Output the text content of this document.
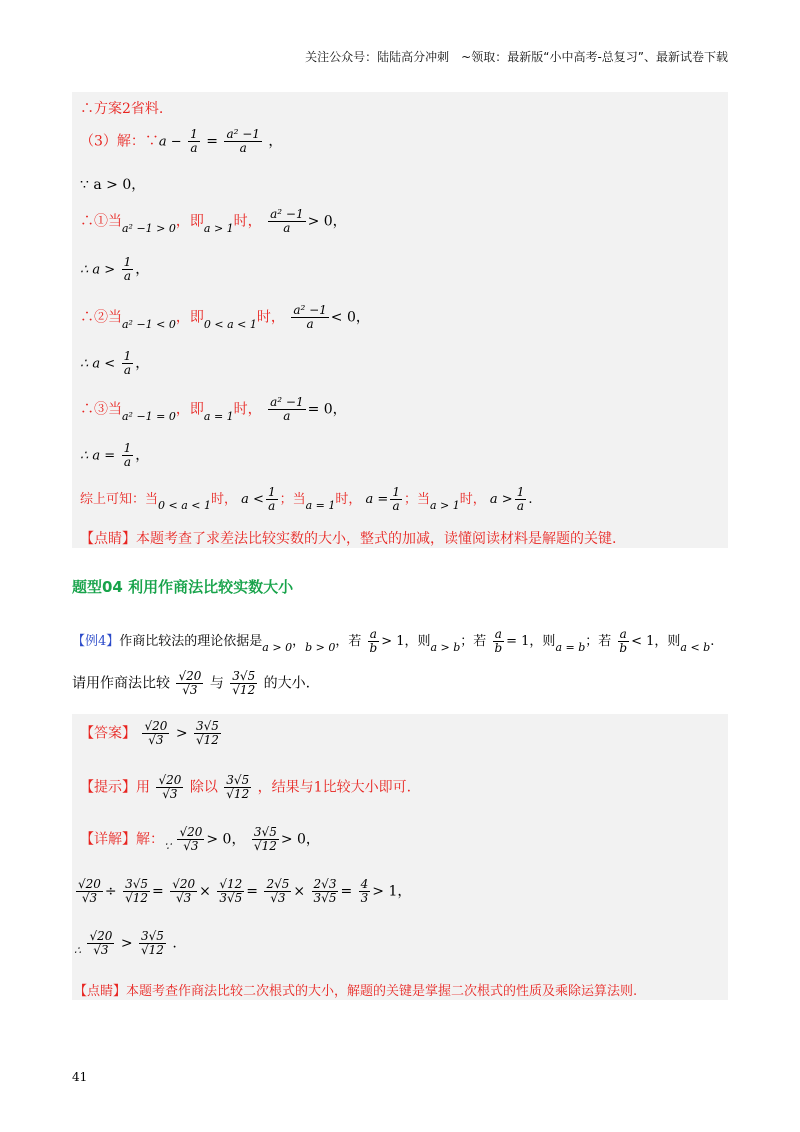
关注公众号：陆陆高分冲刺　~领取：最新版“小中高考-总复习”、最新试卷下载
∴方案2省料.
（3）解：∵a − $\frac{1}{a} = \frac{\text{a² −1}}{a}$ ，
∵ a > 0，
∴①当$_{a^2 -1 > 0}$，即$_{a > 1}$时， $\frac{\text{a² −1}}{a} > 0$，
∴ $a > \frac{1}{a}$ ，
∴②当$_{a^2 -1 < 0}$，即$_{0 < a < 1}$时， $\frac{\text{a² −1}}{a} < 0$，
∴ $a < \frac{1}{a}$ ，
∴③当$_{a^2 -1 = 0}$，即$_{a = 1}$时， $\frac{\text{a² −1}}{a} = 0$，
∴ $a = \frac{1}{a}$ ，
综上可知：当$_{0 < a < 1}$时， $a < \frac{1}{a}$ ；当$_{a = 1}$时， $a = \frac{1}{a}$ ；当$_{a > 1}$时， $a > \frac{1}{a}$ .
【点睛】本题考查了求差法比较实数的大小，整式的加减，读懂阅读材料是解题的关键.
题型04 利用作商法比较实数大小
【例4】作商比较法的理论依据是$_{a > 0}$，$_{b > 0}$，若 $\frac{a}{b} > 1$，则$_{a > b}$；若 $\frac{a}{b} = 1$，则$_{a = b}$；若 $\frac{a}{b} < 1$，则$_{a < b}$.
请用作商法比较 $\frac{√20}{√3}$ 与 $\frac{3√5}{√12}$ 的大小.
【答案】 $\frac{√20}{√3} > \frac{3√5}{√12}$
【提示】用 $\frac{√20}{√3}$ 除以 $\frac{3√5}{√12}$ ，结果与1比较大小即可.
【详解】解：$_\because \frac{√20}{√3} > 0$， $\frac{3√5}{√12} > 0$，
$\frac{√20}{√3} \div \frac{3√5}{√12} = \frac{√20}{√3} \times \frac{√12}{3√5} = \frac{2√5}{√3} \times \frac{2√3}{3√5} = \frac{4}{3} > 1$，
$_\therefore \frac{√20}{√3} > \frac{3√5}{√12}$ .
【点睛】本题考查作商法比较二次根式的大小，解题的关键是掌握二次根式的性质及乘除运算法则.
41
